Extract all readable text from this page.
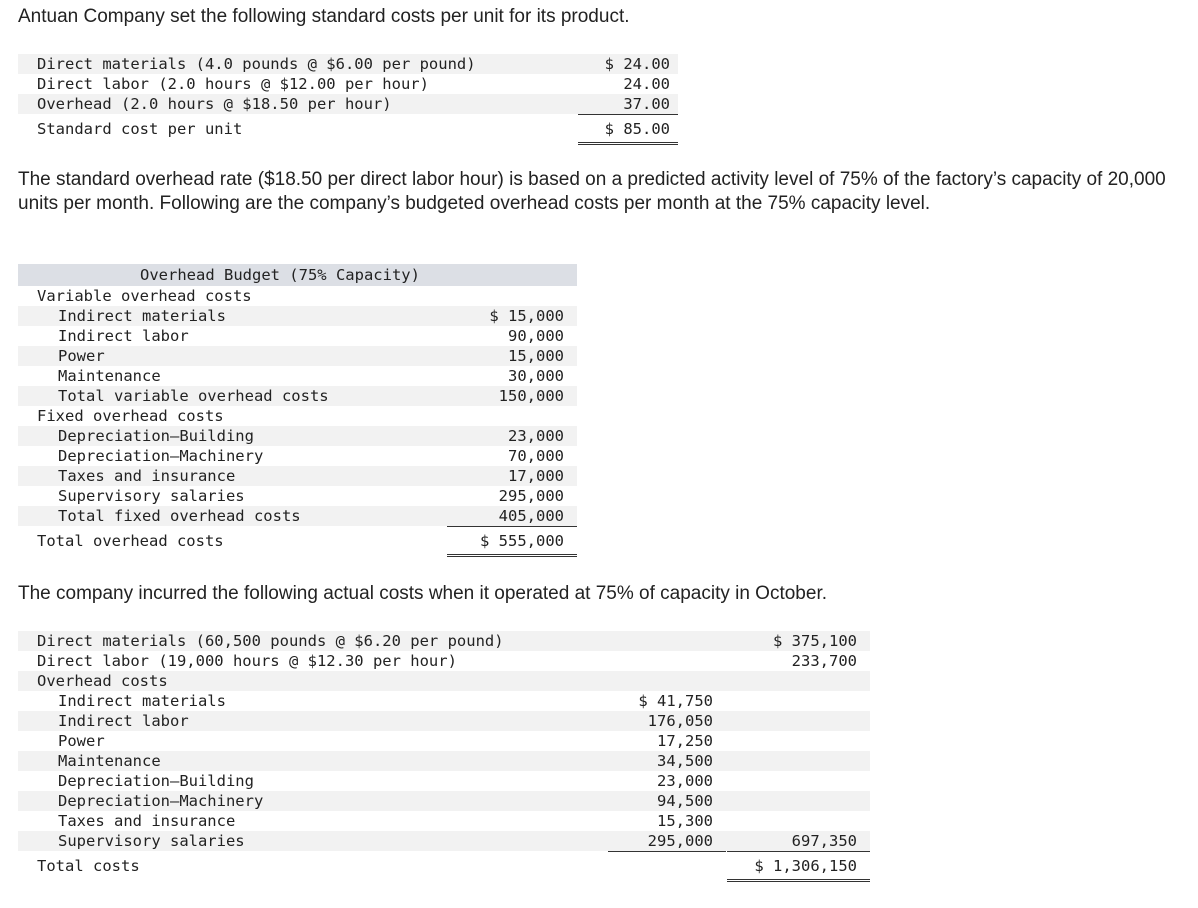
Antuan Company set the following standard costs per unit for its product.

Direct materials (4.0 pounds @ $6.00 per pound)	$ 24.00
Direct labor (2.0 hours @ $12.00 per hour)	24.00
Overhead (2.0 hours @ $18.50 per hour)	37.00
Standard cost per unit	$ 85.00

The standard overhead rate ($18.50 per direct labor hour) is based on a predicted activity level of 75% of the factory’s capacity of 20,000 units per month. Following are the company’s budgeted overhead costs per month at the 75% capacity level.

Overhead Budget (75% Capacity)
Variable overhead costs
Indirect materials	$ 15,000
Indirect labor	90,000
Power	15,000
Maintenance	30,000
Total variable overhead costs	150,000
Fixed overhead costs
Depreciation—Building	23,000
Depreciation—Machinery	70,000
Taxes and insurance	17,000
Supervisory salaries	295,000
Total fixed overhead costs	405,000
Total overhead costs	$ 555,000

The company incurred the following actual costs when it operated at 75% of capacity in October.

Direct materials (60,500 pounds @ $6.20 per pound)	$ 375,100
Direct labor (19,000 hours @ $12.30 per hour)	233,700
Overhead costs
Indirect materials	$ 41,750
Indirect labor	176,050
Power	17,250
Maintenance	34,500
Depreciation—Building	23,000
Depreciation—Machinery	94,500
Taxes and insurance	15,300
Supervisory salaries	295,000	697,350
Total costs	$ 1,306,150
